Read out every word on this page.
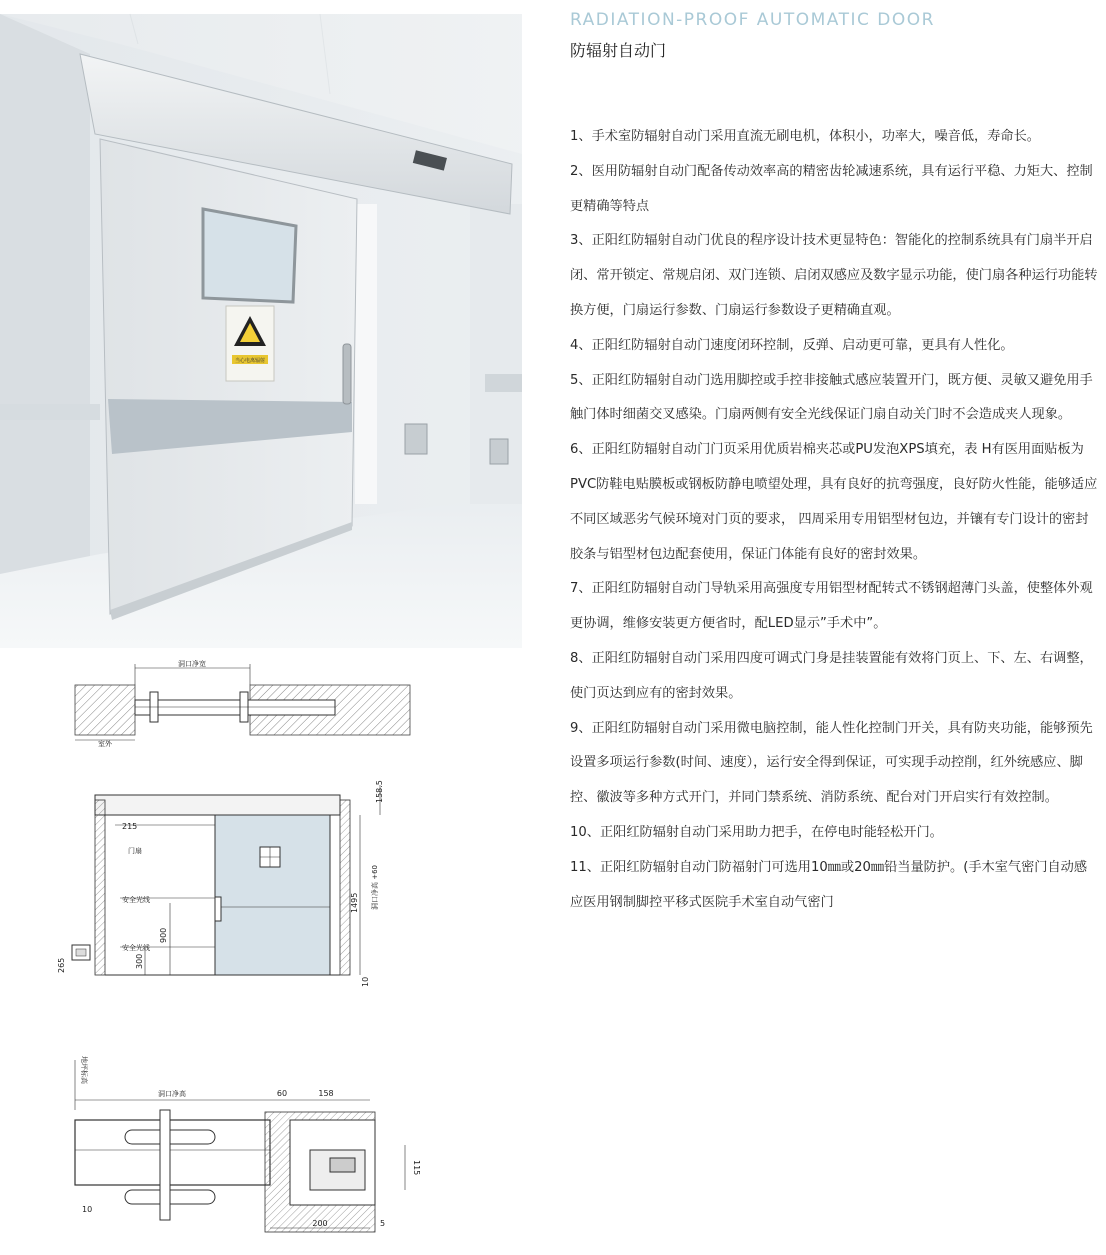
当心电离辐射
RADIATION-PROOF AUTOMATIC DOOR
防辐射自动门
1、手术室防辐射自动门采用直流无刷电机，体积小，功率大，噪音低，寿命长。
2、医用防辐射自动门配备传动效率高的精密齿轮减速系统，具有运行平稳、力矩大、控制更精确等特点
3、正阳红防辐射自动门优良的程序设计技术更显特色：智能化的控制系统具有门扇半开启闭、常开锁定、常规启闭、双门连锁、启闭双感应及数字显示功能，使门扇各种运行功能转换方便，门扇运行参数、门扇运行参数设子更精确直观。
4、正阳红防辐射自动门速度闭环控制，反弹、启动更可靠，更具有人性化。
5、正阳红防辐射自动门选用脚控或手控非接触式感应装置开门，既方便、灵敏又避免用手触门体时细菌交叉感染。门扇两侧有安全光线保证门扇自动关门时不会造成夹人现象。
6、正阳红防辐射自动门门页采用优质岩棉夹芯或PU发泡XPS填充，表 H有医用面贴板为PVC防鞋电贴膜板或钢板防静电喷望处理，具有良好的抗弯强度，良好防火性能，能够适应不同区域恶劣气候环境对门页的要求， 四周采用专用铝型材包边，并镶有专门设计的密封胶条与铝型材包边配套使用，保证门体能有良好的密封效果。
7、正阳红防辐射自动门导轨采用高强度专用铝型材配转式不锈钢超薄门头盖，使整体外观更协调，维修安装更方便省时，配LED显示”手术中”。
8、正阳红防辐射自动门采用四度可调式门身是挂装置能有效将门页上、下、左、右调整，使门页达到应有的密封效果。
9、正阳红防辐射自动门采用微电脑控制，能人性化控制门开关，具有防夹功能，能够预先设置多项运行参数(时间、速度），运行安全得到保证，可实现手动控削，红外统感应、脚控、徽波等多种方式开门，并同门禁系统、消防系统、配台对门开启实行有效控制。
10、正阳红防辐射自动门采用助力把手，在停电时能轻松开门。
11、正阳红防辐射自动门防福射门可选用10㎜或20㎜铅当量防护。(手木室气密门自动感应医用钢制脚控平移式医院手术室自动气密门
洞口净宽
室外
158.5
215
门扇
安全光线
安全光线
900
300
1495 洞口净高 +60
265
10
地坪标高
洞口净高	60	158
115
10
200	5
